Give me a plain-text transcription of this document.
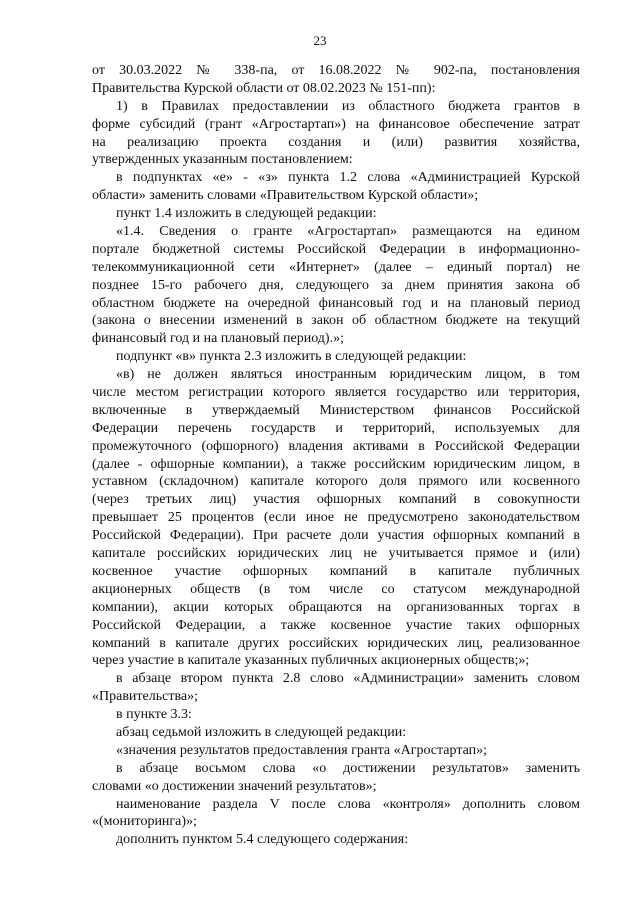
23
от 30.03.2022 № 338-па, от 16.08.2022 № 902-па, постановления
Правительства Курской области от 08.02.2023 № 151-пп):
1) в Правилах предоставлении из областного бюджета грантов в
форме субсидий (грант «Агростартап») на финансовое обеспечение затрат
на реализацию проекта создания и (или) развития хозяйства,
утвержденных указанным постановлением:
в подпунктах «е» - «з» пункта 1.2 слова «Администрацией Курской
области» заменить словами «Правительством Курской области»;
пункт 1.4 изложить в следующей редакции:
«1.4. Сведения о гранте «Агростартап» размещаются на едином
портале бюджетной системы Российской Федерации в информационно-
телекоммуникационной сети «Интернет» (далее – единый портал) не
позднее 15-го рабочего дня, следующего за днем принятия закона об
областном бюджете на очередной финансовый год и на плановый период
(закона о внесении изменений в закон об областном бюджете на текущий
финансовый год и на плановый период).»;
подпункт «в» пункта 2.3 изложить в следующей редакции:
«в) не должен являться иностранным юридическим лицом, в том
числе местом регистрации которого является государство или территория,
включенные в утверждаемый Министерством финансов Российской
Федерации перечень государств и территорий, используемых для
промежуточного (офшорного) владения активами в Российской Федерации
(далее - офшорные компании), а также российским юридическим лицом, в
уставном (складочном) капитале которого доля прямого или косвенного
(через третьих лиц) участия офшорных компаний в совокупности
превышает 25 процентов (если иное не предусмотрено законодательством
Российской Федерации). При расчете доли участия офшорных компаний в
капитале российских юридических лиц не учитывается прямое и (или)
косвенное участие офшорных компаний в капитале публичных
акционерных обществ (в том числе со статусом международной
компании), акции которых обращаются на организованных торгах в
Российской Федерации, а также косвенное участие таких офшорных
компаний в капитале других российских юридических лиц, реализованное
через участие в капитале указанных публичных акционерных обществ;»;
в абзаце втором пункта 2.8 слово «Администрации» заменить словом
«Правительства»;
в пункте 3.3:
абзац седьмой изложить в следующей редакции:
«значения результатов предоставления гранта «Агростартап»;
в абзаце восьмом слова «о достижении результатов» заменить
словами «о достижении значений результатов»;
наименование раздела V после слова «контроля» дополнить словом
«(мониторинга)»;
дополнить пунктом 5.4 следующего содержания:
